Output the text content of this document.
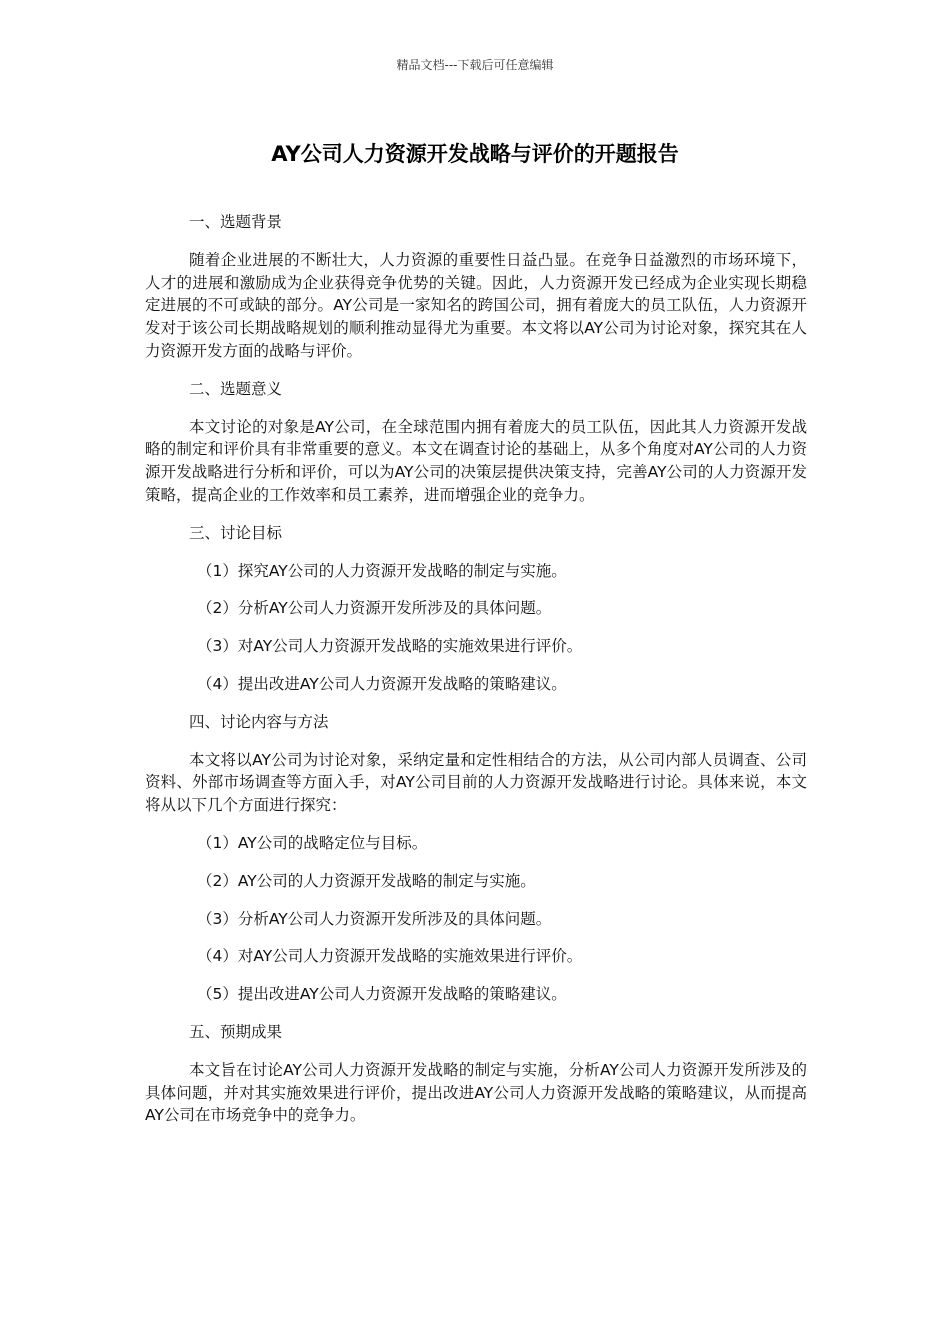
精品文档---下载后可任意编辑
AY公司人力资源开发战略与评价的开题报告
一、选题背景

随着企业进展的不断壮大，人力资源的重要性日益凸显。在竞争日益激烈的市场环境下，人才的进展和激励成为企业获得竞争优势的关键。因此，人力资源开发已经成为企业实现长期稳定进展的不可或缺的部分。AY公司是一家知名的跨国公司，拥有着庞大的员工队伍，人力资源开发对于该公司长期战略规划的顺利推动显得尤为重要。本文将以AY公司为讨论对象，探究其在人力资源开发方面的战略与评价。

二、选题意义

本文讨论的对象是AY公司，在全球范围内拥有着庞大的员工队伍，因此其人力资源开发战略的制定和评价具有非常重要的意义。本文在调查讨论的基础上，从多个角度对AY公司的人力资源开发战略进行分析和评价，可以为AY公司的决策层提供决策支持，完善AY公司的人力资源开发策略，提高企业的工作效率和员工素养，进而增强企业的竞争力。

三、讨论目标
（1）探究AY公司的人力资源开发战略的制定与实施。
（2）分析AY公司人力资源开发所涉及的具体问题。
（3）对AY公司人力资源开发战略的实施效果进行评价。
（4）提出改进AY公司人力资源开发战略的策略建议。
四、讨论内容与方法

本文将以AY公司为讨论对象，采纳定量和定性相结合的方法，从公司内部人员调查、公司资料、外部市场调查等方面入手，对AY公司目前的人力资源开发战略进行讨论。具体来说，本文将从以下几个方面进行探究：

（1）AY公司的战略定位与目标。
（2）AY公司的人力资源开发战略的制定与实施。
（3）分析AY公司人力资源开发所涉及的具体问题。
（4）对AY公司人力资源开发战略的实施效果进行评价。
（5）提出改进AY公司人力资源开发战略的策略建议。
五、预期成果

本文旨在讨论AY公司人力资源开发战略的制定与实施，分析AY公司人力资源开发所涉及的具体问题，并对其实施效果进行评价，提出改进AY公司人力资源开发战略的策略建议，从而提高AY公司在市场竞争中的竞争力。
